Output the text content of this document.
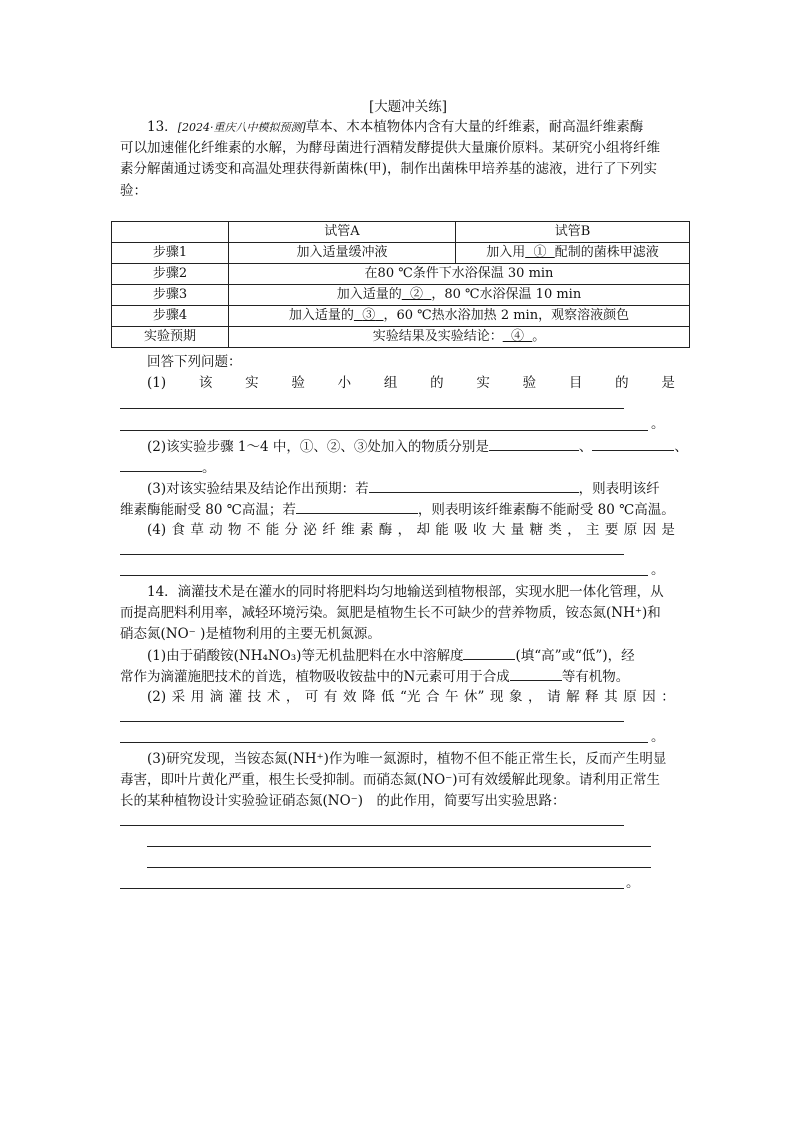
[大题冲关练]
13．[2024·重庆八中模拟预测]草本、木本植物体内含有大量的纤维素，耐高温纤维素酶
可以加速催化纤维素的水解，为酵母菌进行酒精发酵提供大量廉价原料。某研究小组将纤维
素分解菌通过诱变和高温处理获得新菌株(甲)，制作出菌株甲培养基的滤液，进行了下列实
验：
	试管A	试管B
步骤1	加入适量缓冲液	加入用 ① 配制的菌株甲滤液
步骤2	在80 ℃条件下水浴保温 30 min	
步骤3	加入适量的 ② ，80 ℃水浴保温 10 min	
步骤4	加入适量的 ③ ，60 ℃热水浴加热 2 min，观察溶液颜色	
实验预期	实验结果及实验结论： ④ 。	
回答下列问题：
(1) 该 实 验 小 组 的 实 验 目 的 是
。
(2)该实验步骤 1～4 中，①、②、③处加入的物质分别是	、	、
。
(3)对该实验结果及结论作出预期：若	，则表明该纤
维素酶能耐受 80 ℃高温；若	，则表明该纤维素酶不能耐受 80 ℃高温。
(4) 食 草 动 物 不 能 分 泌 纤 维 素 酶 ， 却 能 吸 收 大 量 糖 类 ， 主 要 原 因 是
。
14．滴灌技术是在灌水的同时将肥料均匀地输送到植物根部，实现水肥一体化管理，从
而提高肥料利用率，减轻环境污染。氮肥是植物生长不可缺少的营养物质，铵态氮(NH⁺)和
硝态氮(NO⁻ )是植物利用的主要无机氮源。
(1)由于硝酸铵(NH₄NO₃)等无机盐肥料在水中溶解度	(填“高”或“低”)，经
常作为滴灌施肥技术的首选，植物吸收铵盐中的N元素可用于合成	等有机物。
(2) 采 用 滴 灌 技 术 ， 可 有 效 降 低 “光 合 午 休” 现 象 ， 请 解 释 其 原 因 ：
。
(3)研究发现，当铵态氮(NH⁺)作为唯一氮源时，植物不但不能正常生长，反而产生明显
毒害，即叶片黄化严重，根生长受抑制。而硝态氮(NO⁻)可有效缓解此现象。请利用正常生
长的某种植物设计实验验证硝态氮(NO⁻)　的此作用，简要写出实验思路：
。
